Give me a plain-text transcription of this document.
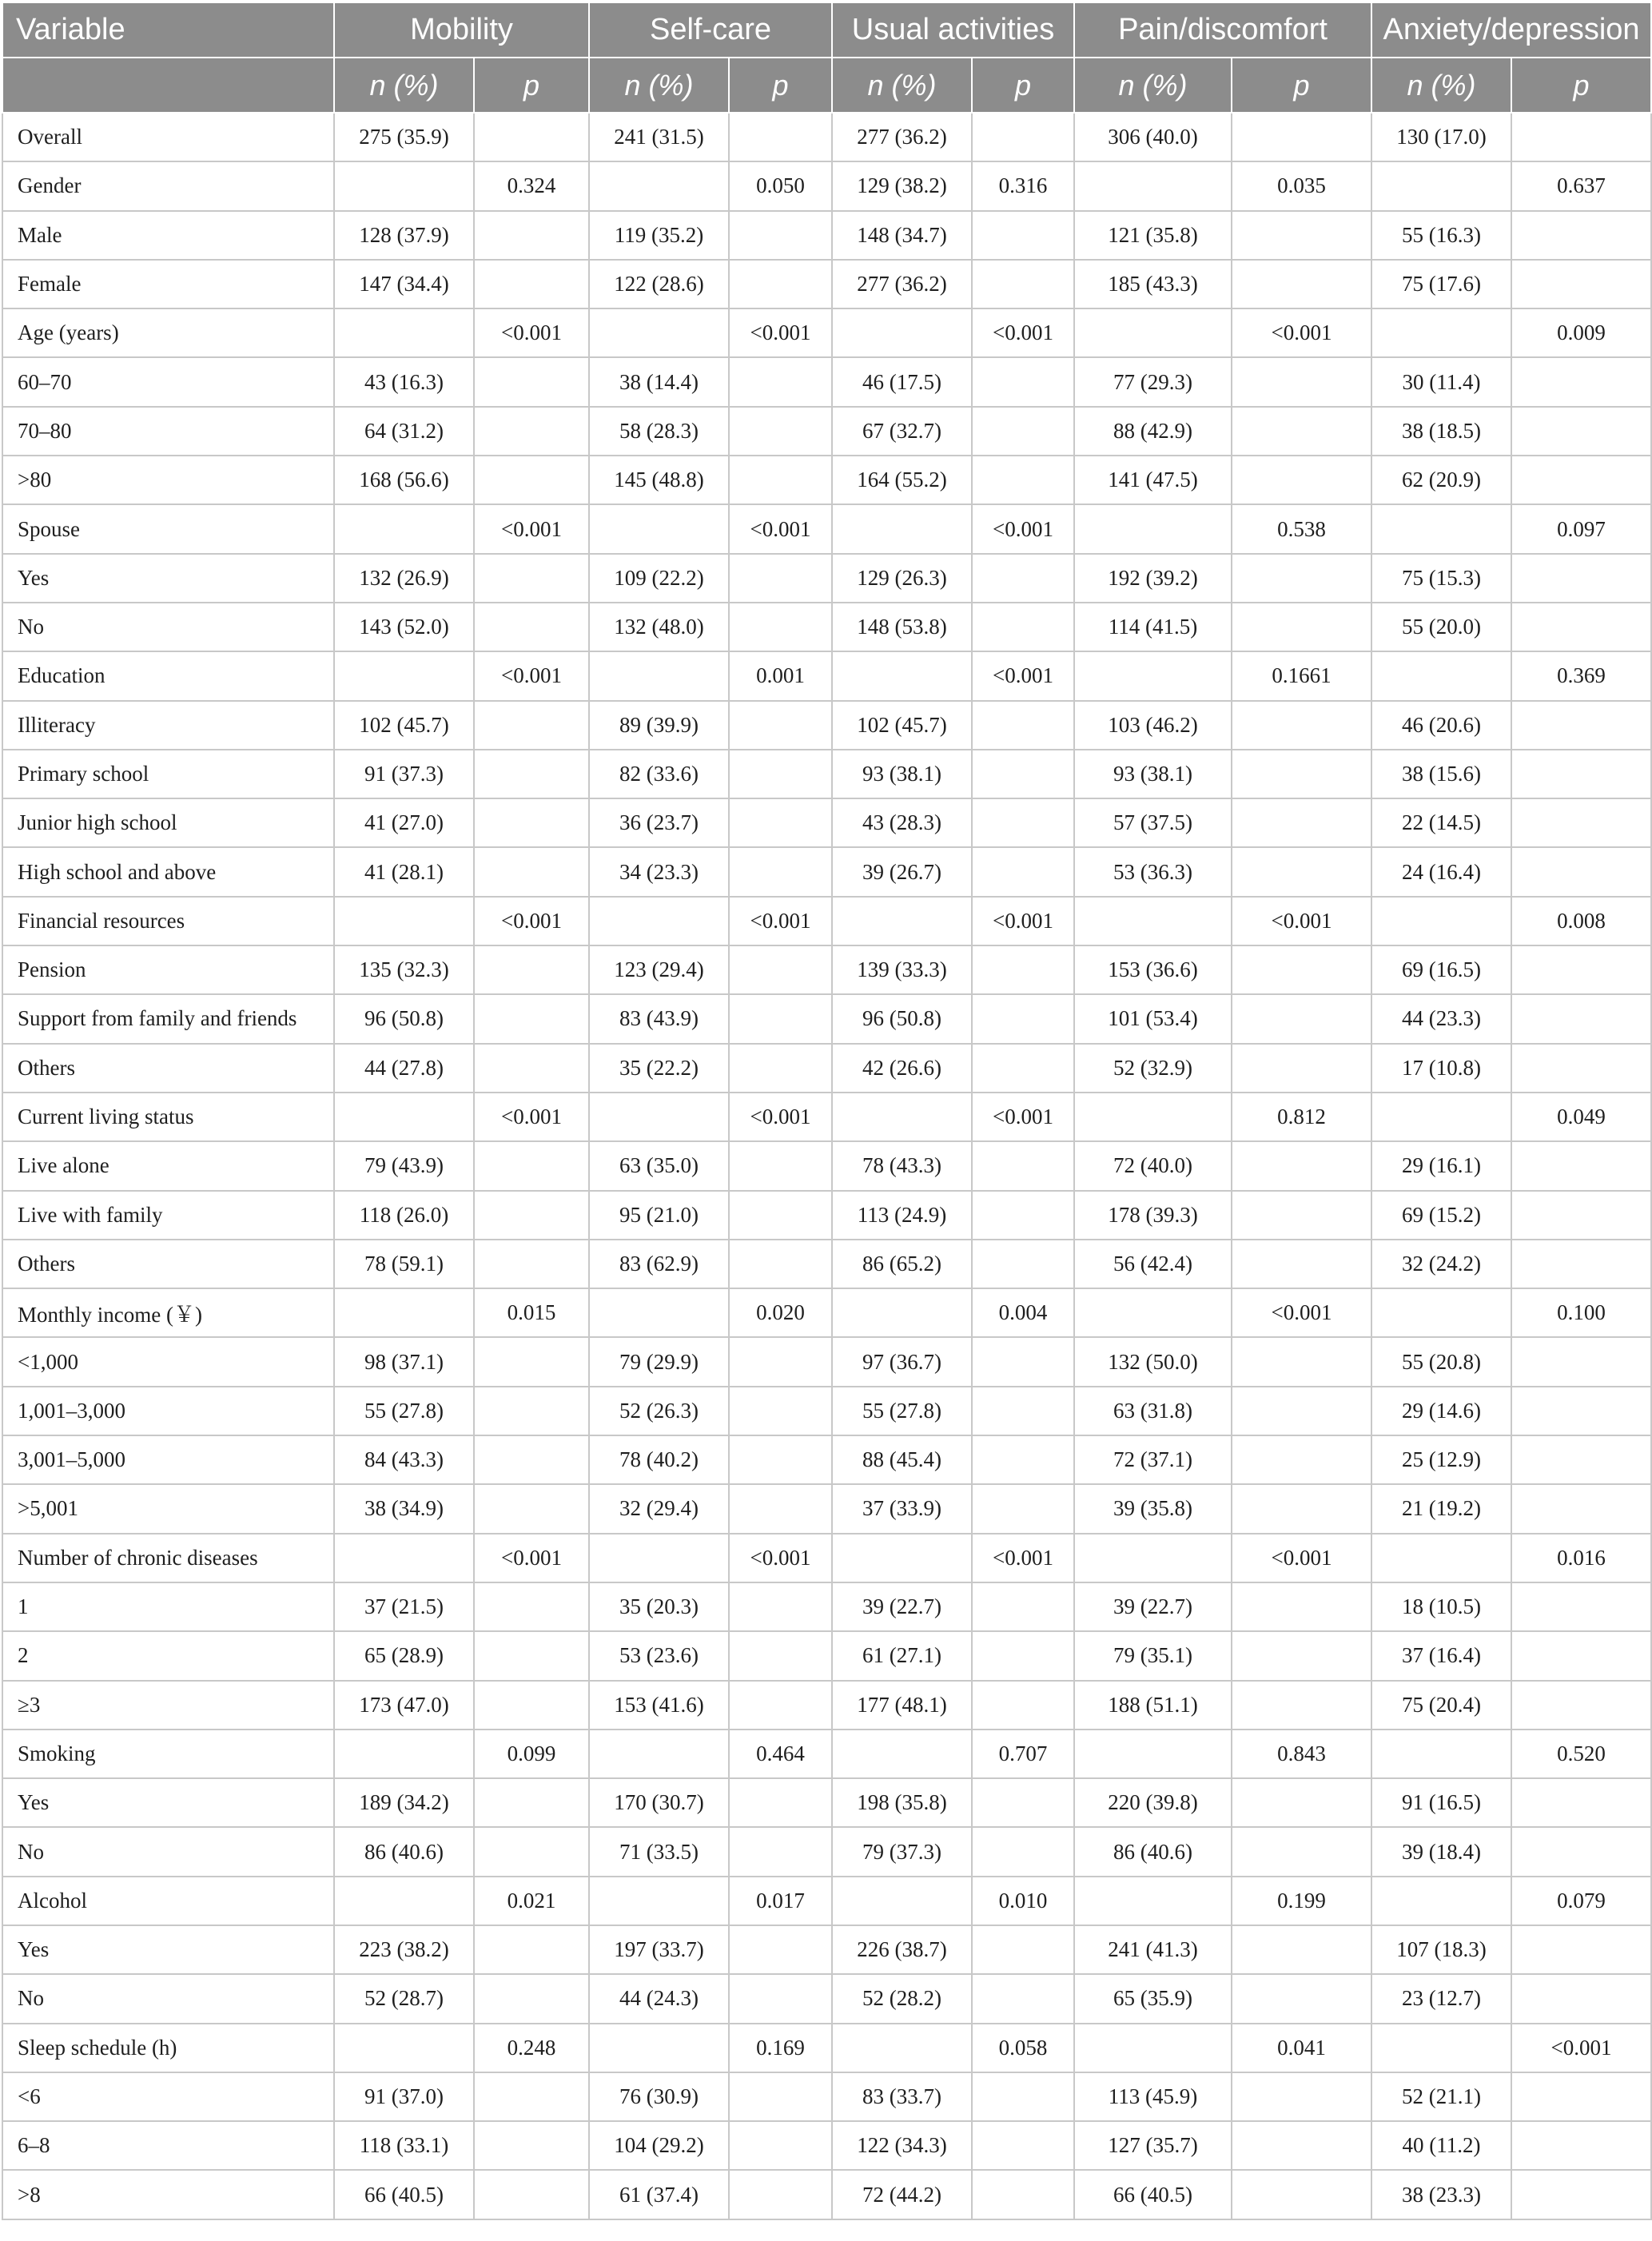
Variable	Mobility		Self-care		Usual activities		Pain/discomfort		Anxiety/depression	
	n (%)	p	n (%)	p	n (%)	p	n (%)	p	n (%)	p
Overall	275 (35.9)		241 (31.5)		277 (36.2)		306 (40.0)		130 (17.0)	
Gender		0.324		0.050	129 (38.2)	0.316		0.035		0.637
Male	128 (37.9)		119 (35.2)		148 (34.7)		121 (35.8)		55 (16.3)	
Female	147 (34.4)		122 (28.6)		277 (36.2)		185 (43.3)		75 (17.6)	
Age (years)		<0.001		<0.001		<0.001		<0.001		0.009
60–70	43 (16.3)		38 (14.4)		46 (17.5)		77 (29.3)		30 (11.4)	
70–80	64 (31.2)		58 (28.3)		67 (32.7)		88 (42.9)		38 (18.5)	
>80	168 (56.6)		145 (48.8)		164 (55.2)		141 (47.5)		62 (20.9)	
Spouse		<0.001		<0.001		<0.001		0.538		0.097
Yes	132 (26.9)		109 (22.2)		129 (26.3)		192 (39.2)		75 (15.3)	
No	143 (52.0)		132 (48.0)		148 (53.8)		114 (41.5)		55 (20.0)	
Education		<0.001		0.001		<0.001		0.1661		0.369
Illiteracy	102 (45.7)		89 (39.9)		102 (45.7)		103 (46.2)		46 (20.6)	
Primary school	91 (37.3)		82 (33.6)		93 (38.1)		93 (38.1)		38 (15.6)	
Junior high school	41 (27.0)		36 (23.7)		43 (28.3)		57 (37.5)		22 (14.5)	
High school and above	41 (28.1)		34 (23.3)		39 (26.7)		53 (36.3)		24 (16.4)	
Financial resources		<0.001		<0.001		<0.001		<0.001		0.008
Pension	135 (32.3)		123 (29.4)		139 (33.3)		153 (36.6)		69 (16.5)	
Support from family and friends	96 (50.8)		83 (43.9)		96 (50.8)		101 (53.4)		44 (23.3)	
Others	44 (27.8)		35 (22.2)		42 (26.6)		52 (32.9)		17 (10.8)	
Current living status		<0.001		<0.001		<0.001		0.812		0.049
Live alone	79 (43.9)		63 (35.0)		78 (43.3)		72 (40.0)		29 (16.1)	
Live with family	118 (26.0)		95 (21.0)		113 (24.9)		178 (39.3)		69 (15.2)	
Others	78 (59.1)		83 (62.9)		86 (65.2)		56 (42.4)		32 (24.2)	
Monthly income (￥)		0.015		0.020		0.004		<0.001		0.100
<1,000	98 (37.1)		79 (29.9)		97 (36.7)		132 (50.0)		55 (20.8)	
1,001–3,000	55 (27.8)		52 (26.3)		55 (27.8)		63 (31.8)		29 (14.6)	
3,001–5,000	84 (43.3)		78 (40.2)		88 (45.4)		72 (37.1)		25 (12.9)	
>5,001	38 (34.9)		32 (29.4)		37 (33.9)		39 (35.8)		21 (19.2)	
Number of chronic diseases		<0.001		<0.001		<0.001		<0.001		0.016
1	37 (21.5)		35 (20.3)		39 (22.7)		39 (22.7)		18 (10.5)	
2	65 (28.9)		53 (23.6)		61 (27.1)		79 (35.1)		37 (16.4)	
≥3	173 (47.0)		153 (41.6)		177 (48.1)		188 (51.1)		75 (20.4)	
Smoking		0.099		0.464		0.707		0.843		0.520
Yes	189 (34.2)		170 (30.7)		198 (35.8)		220 (39.8)		91 (16.5)	
No	86 (40.6)		71 (33.5)		79 (37.3)		86 (40.6)		39 (18.4)	
Alcohol		0.021		0.017		0.010		0.199		0.079
Yes	223 (38.2)		197 (33.7)		226 (38.7)		241 (41.3)		107 (18.3)	
No	52 (28.7)		44 (24.3)		52 (28.2)		65 (35.9)		23 (12.7)	
Sleep schedule (h)		0.248		0.169		0.058		0.041		<0.001
<6	91 (37.0)		76 (30.9)		83 (33.7)		113 (45.9)		52 (21.1)	
6–8	118 (33.1)		104 (29.2)		122 (34.3)		127 (35.7)		40 (11.2)	
>8	66 (40.5)		61 (37.4)		72 (44.2)		66 (40.5)		38 (23.3)	
